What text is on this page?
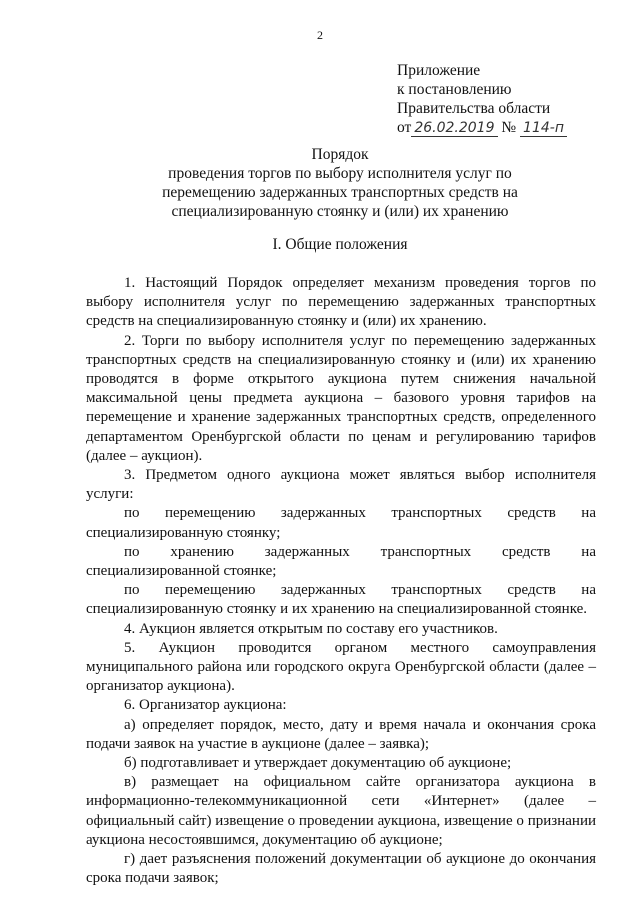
2
Приложение
к постановлению
Правительства области
от 26.02.2019 № 114-п
Порядок
проведения торгов по выбору исполнителя услуг по
перемещению задержанных транспортных средств на
специализированную стоянку и (или) их хранению
I. Общие положения

1. Настоящий Порядок определяет механизм проведения торгов по выбору исполнителя услуг по перемещению задержанных транспортных средств на специализированную стоянку и (или) их хранению.

2. Торги по выбору исполнителя услуг по перемещению задержанных транспортных средств на специализированную стоянку и (или) их хранению проводятся в форме открытого аукциона путем снижения начальной максимальной цены предмета аукциона – базового уровня тарифов на перемещение и хранение задержанных транспортных средств, определенного департаментом Оренбургской области по ценам и регулированию тарифов (далее – аукцион).

3. Предметом одного аукциона может являться выбор исполнителя услуги:

по перемещению задержанных транспортных средств на специализированную стоянку;

по хранению задержанных транспортных средств на специализированной стоянке;

по перемещению задержанных транспортных средств на специализированную стоянку и их хранению на специализированной стоянке.

4. Аукцион является открытым по составу его участников.

5. Аукцион проводится органом местного самоуправления муниципального района или городского округа Оренбургской области (далее – организатор аукциона).

6. Организатор аукциона:

а) определяет порядок, место, дату и время начала и окончания срока подачи заявок на участие в аукционе (далее – заявка);

б) подготавливает и утверждает документацию об аукционе;

в) размещает на официальном сайте организатора аукциона в информационно-телекоммуникационной сети «Интернет» (далее – официальный сайт) извещение о проведении аукциона, извещение о признании аукциона несостоявшимся, документацию об аукционе;

г) дает разъяснения положений документации об аукционе до окончания срока подачи заявок;
